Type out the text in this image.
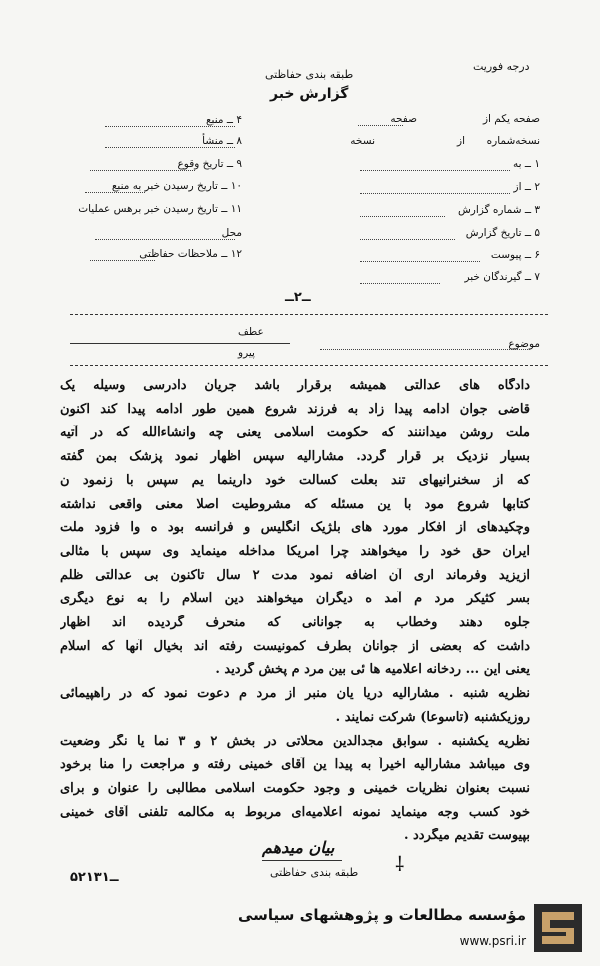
درجه فوریت
طبقه بندی حفاظتی
گزارش خبر
۴ ــ منبع
۸ ــ منشأ
۹ ــ تاریخ وقوع
۱۰ ــ تاریخ رسیدن خبر به منبع
۱۱ ــ تاریخ رسیدن خبر برهس عملیات
محل
۱۲ ــ ملاحظات حفاظتی
صفحه یکم از
صفحه
نسخه‌شماره
از
نسخه
۱ ــ به
۲ ــ از
۳ ــ شماره گزارش
۵ ــ تاریخ گزارش
۶ ــ پیوست
۷ ــ گیرندگان خبر
ــ۲ــ
موضوع
عطف
پیرو
دادگاه های عدالتی همیشه برقرار باشد جریان دادرسی وسیله یک
قاضی جوان ادامه پیدا زاد به فرزند شروع همین طور ادامه پیدا کند اکنون
ملت روشن میداننند که حکومت اسلامی یعنی چه وانشاءالله که در آتیه
بسیار نزدیک بر قرار گردد. مشارالیه سپس اظهار نمود پزشک بمن گفته
که از سخنرانیهای تند بعلت کسالت خود دارینما یم سپس با زنمود ن
کتابها شروع مود با ین مسئله که مشروطیت اصلا معنی واقعی نداشته
وچکیدهای از افکار مورد های بلژیک انگلیس و فرانسه بود ه وا فزود ملت
ایران حق خود را میخواهند چرا امریکا مداخله مینماید وی سپس با مثالی
ازیزید وفرماند اری آن اضافه نمود مدت ۲ سال تاکنون بی عدالتی ظلم
بسر کثیکر مرد م آمد ه دیگران میخواهند دین اسلام را به نوع دیگری
جلوه دهند وخطاب به جوانانی که منحرف گردیده اند اظهار
داشت که بعضی از جوانان بطرف کمونیست رفته اند بخیال آنها که اسلام
یعنی این ... ردخانه اعلامیه ها ئی بین مرد م پخش گردید .
نظریه شنبه . مشارالیه دریا یان منبر از مرد م دعوت نمود که در راهپیمائی
روزیکشنبه (تاسوعا) شرکت نمایند .
نظریه یکشنبه . سوابق مجدالدین محلاتی در بخش ۲ و ۳ نما یا نگر وضعیت
وی میباشد مشارالیه اخیراً به پیدا ین آقای خمینی رفته و مراجعت را منا برخود
نسبت بعنوان نظریات خمینی و وجود حکومت اسلامی مطالبی را عنوان و برای
خود کسب وجه مینماید نمونه اعلامیه‌ای مربوط به مکالمه تلفنی آقای خمینی
بپیوست تقدیم میگردد .
بیان میدهم
طبقه بندی حفاظتی
۵۲ــ۱۳۱
⸸
مؤسسه مطالعات و پژوهشهای سیاسی
www.psri.ir
